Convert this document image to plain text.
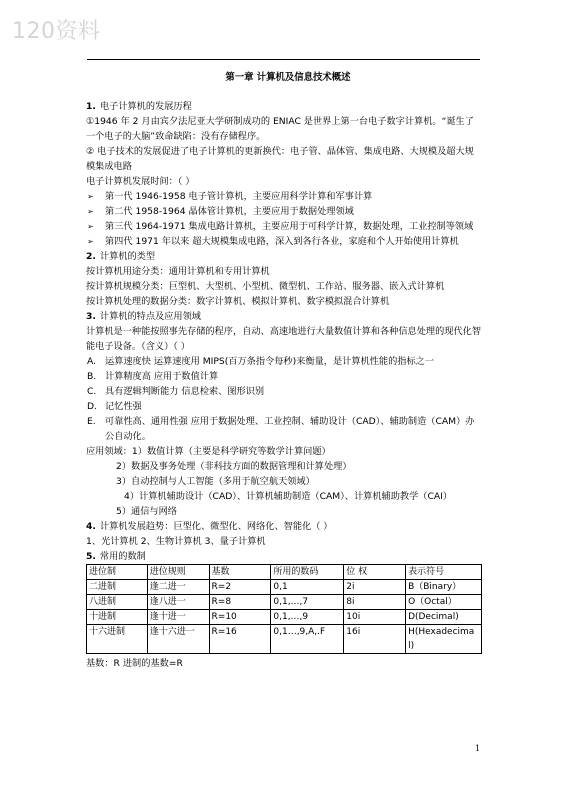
120资料
第一章 计算机及信息技术概述
1. 电子计算机的发展历程
①1946 年 2 月由宾夕法尼亚大学研制成功的 ENIAC 是世界上第一台电子数字计算机。“诞生了一个电子的大脑”致命缺陷：没有存储程序。
② 电子技术的发展促进了电子计算机的更新换代：电子管、晶体管、集成电路、大规模及超大规模集成电路
电子计算机发展时间：（ ）
➢ 第一代 1946-1958 电子管计算机，主要应用科学计算和军事计算
➢ 第二代 1958-1964 晶体管计算机，主要应用于数据处理领域
➢ 第三代 1964-1971 集成电路计算机，主要应用于可科学计算，数据处理，工业控制等领域
➢ 第四代 1971 年以来 超大规模集成电路，深入到各行各业，家庭和个人开始使用计算机
2. 计算机的类型
按计算机用途分类：通用计算机和专用计算机
按计算机规模分类：巨型机、大型机、小型机、微型机、工作站、服务器、嵌入式计算机
按计算机处理的数据分类：数字计算机、模拟计算机、数字模拟混合计算机
3. 计算机的特点及应用领域
计算机是一种能按照事先存储的程序，自动、高速地进行大量数值计算和各种信息处理的现代化智能电子设备。（含义）（ ）
A. 运算速度快 运算速度用 MIPS(百万条指令每秒)来衡量，是计算机性能的指标之一
B. 计算精度高 应用于数值计算
C. 具有逻辑判断能力 信息检索、图形识别
D. 记忆性强
E. 可靠性高、通用性强 应用于数据处理、工业控制、辅助设计（CAD）、辅助制造（CAM）办公自动化。
应用领域：1）数值计算（主要是科学研究等数学计算问题）
2）数据及事务处理（非科技方面的数据管理和计算处理）
3）自动控制与人工智能（多用于航空航天领域）
4）计算机辅助设计（CAD）、计算机辅助制造（CAM）、计算机辅助教学（CAI）
5）通信与网络
4. 计算机发展趋势：巨型化、微型化、网络化、智能化（ ）
1、光计算机 2、生物计算机 3、量子计算机
5. 常用的数制
进位制	进位规则	基数	所用的数码	位 权	表示符号
二进制	逢二进一	R=2	0,1	2i	B（Binary）
八进制	逢八进一	R=8	0,1,…,7	8i	O（Octal）
十进制	逢十进一	R=10	0,1,…,9	10i	D(Decimal)
十六进制	逢十六进一	R=16	0,1…,9,A,.F	16i	H(Hexadecimal)
基数：R 进制的基数=R
1
